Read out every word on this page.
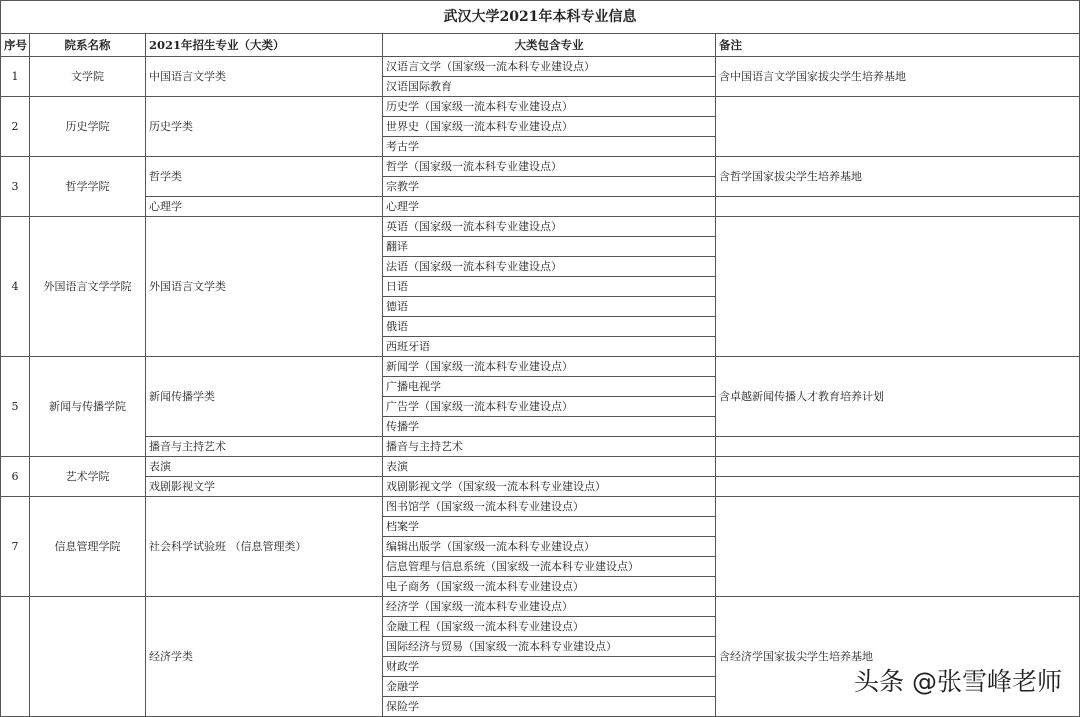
武汉大学2021年本科专业信息				
序号	院系名称	2021年招生专业（大类）	大类包含专业	备注
1	文学院	中国语言文学类	汉语言文学（国家级一流本科专业建设点）	含中国语言文学国家拔尖学生培养基地
			汉语国际教育	
2	历史学院	历史学类	历史学（国家级一流本科专业建设点）	
			世界史（国家级一流本科专业建设点）	
			考古学	
3	哲学学院	哲学类	哲学（国家级一流本科专业建设点）	含哲学国家拔尖学生培养基地
			宗教学	
		心理学	心理学	
4	外国语言文学学院	外国语言文学类	英语（国家级一流本科专业建设点）	
			翻译	
			法语（国家级一流本科专业建设点）	
			日语	
			德语	
			俄语	
			西班牙语	
5	新闻与传播学院	新闻传播学类	新闻学（国家级一流本科专业建设点）	含卓越新闻传播人才教育培养计划
			广播电视学	
			广告学（国家级一流本科专业建设点）	
			传播学	
		播音与主持艺术	播音与主持艺术	
6	艺术学院	表演	表演	
		戏剧影视文学	戏剧影视文学（国家级一流本科专业建设点）	
7	信息管理学院	社会科学试验班 （信息管理类）	图书馆学（国家级一流本科专业建设点）	
			档案学	
			编辑出版学（国家级一流本科专业建设点）	
			信息管理与信息系统（国家级一流本科专业建设点）	
			电子商务（国家级一流本科专业建设点）	
		经济学类	经济学（国家级一流本科专业建设点）	含经济学国家拔尖学生培养基地
			金融工程（国家级一流本科专业建设点）	
			国际经济与贸易（国家级一流本科专业建设点）	
			财政学	
			金融学	
			保险学	
头条 @张雪峰老师
